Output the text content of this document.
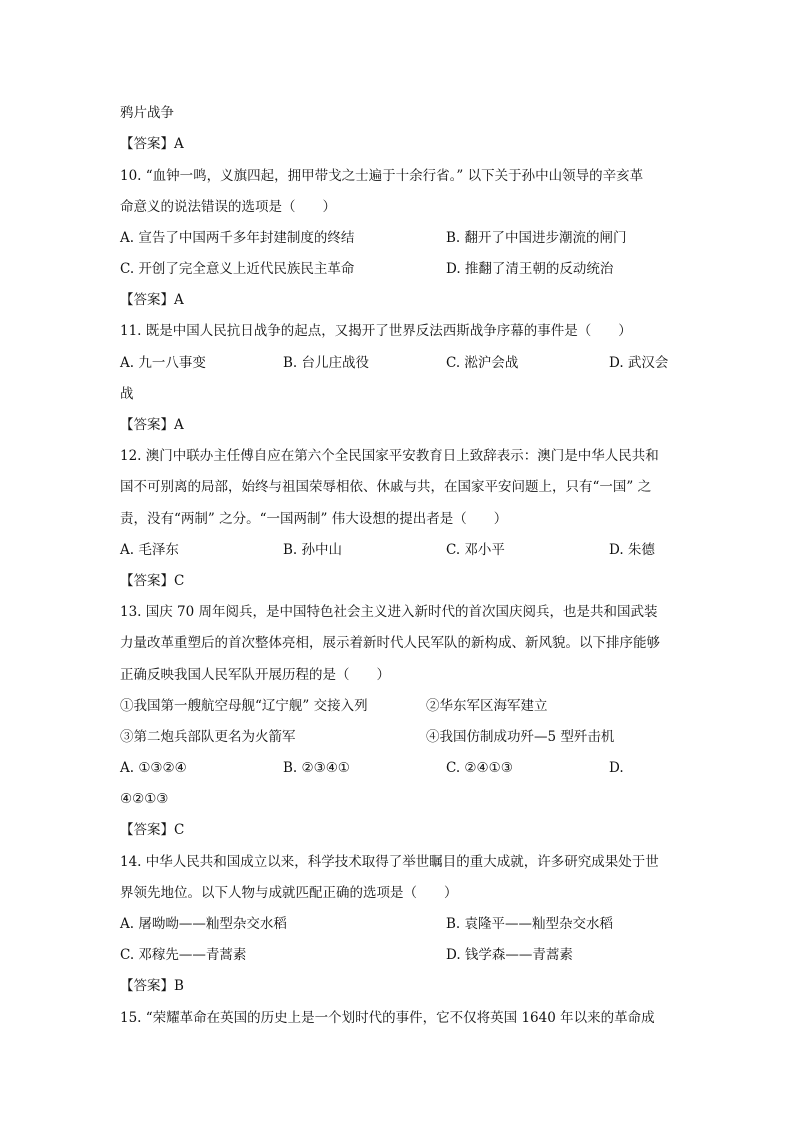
鸦片战争
【答案】A
10. “血钟一鸣，义旗四起，拥甲带戈之士遍于十余行省。” 以下关于孙中山领导的辛亥革
命意义的说法错误的选项是（　　）
A. 宣告了中国两千多年封建制度的终结	B. 翻开了中国进步潮流的闸门
C. 开创了完全意义上近代民族民主革命	D. 推翻了清王朝的反动统治
【答案】A
11. 既是中国人民抗日战争的起点，又揭开了世界反法西斯战争序幕的事件是（　　）
A. 九一八事变	B. 台儿庄战役	C. 淞沪会战	D. 武汉会
战
【答案】A
12. 澳门中联办主任傅自应在第六个全民国家平安教育日上致辞表示：澳门是中华人民共和
国不可别离的局部，始终与祖国荣辱相依、休戚与共，在国家平安问题上，只有“一国” 之
责，没有“两制” 之分。“一国两制” 伟大设想的提出者是（　　）
A. 毛泽东	B. 孙中山	C. 邓小平	D. 朱德
【答案】C
13. 国庆 70 周年阅兵，是中国特色社会主义进入新时代的首次国庆阅兵，也是共和国武装
力量改革重塑后的首次整体亮相，展示着新时代人民军队的新构成、新风貌。以下排序能够
正确反映我国人民军队开展历程的是（　　）
①我国第一艘航空母舰“辽宁舰” 交接入列	②华东军区海军建立
③第二炮兵部队更名为火箭军	④我国仿制成功歼—5 型歼击机
A. ①③②④	B. ②③④①	C. ②④①③	D.
④②①③
【答案】C
14. 中华人民共和国成立以来，科学技术取得了举世瞩目的重大成就，许多研究成果处于世
界领先地位。以下人物与成就匹配正确的选项是（　　）
A. 屠呦呦——籼型杂交水稻	B. 袁隆平——籼型杂交水稻
C. 邓稼先——青蒿素	D. 钱学森——青蒿素
【答案】B
15. “荣耀革命在英国的历史上是一个划时代的事件，它不仅将英国 1640 年以来的革命成
